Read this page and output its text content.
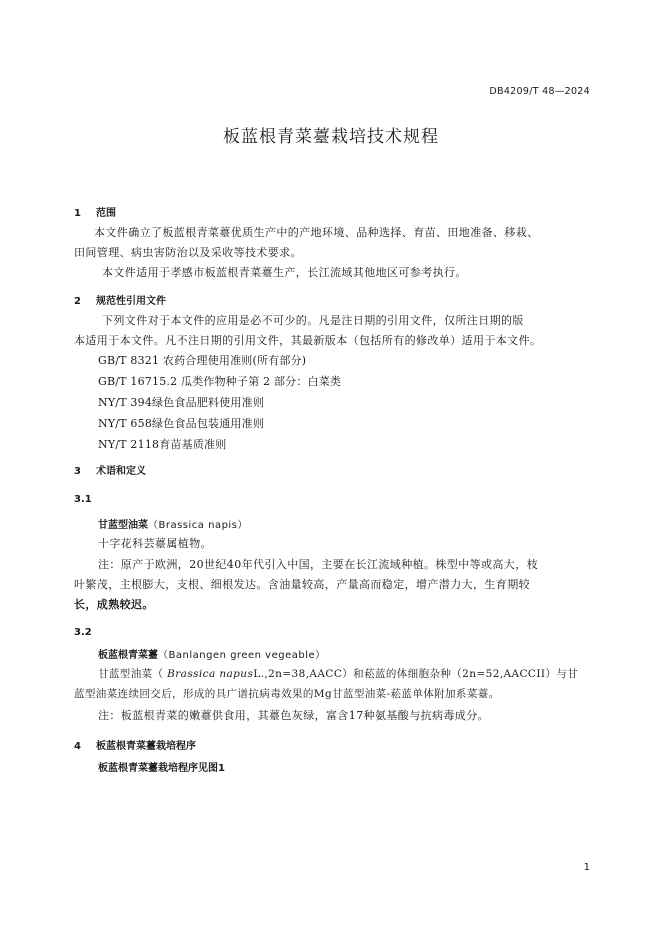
DB4209/T 48—2024
板蓝根青菜薹栽培技术规程
1 范围
本文件确立了板蓝根青菜薹优质生产中的产地环境、品种选择、育苗、田地准备、移栽、
田间管理、病虫害防治以及采收等技术要求。
本文件适用于孝感市板蓝根青菜薹生产，长江流域其他地区可参考执行。
2 规范性引用文件
下列文件对于本文件的应用是必不可少的。凡是注日期的引用文件，仅所注日期的版
本适用于本文件。凡不注日期的引用文件，其最新版本（包括所有的修改单）适用于本文件。
GB/T 8321 农药合理使用准则(所有部分)
GB/T 16715.2 瓜类作物种子第 2 部分：白菜类
NY/T 394绿色食品肥料使用准则
NY/T 658绿色食品包装通用准则
NY/T 2118育苗基质准则
3 术语和定义
3.1
甘蓝型油菜（Brassica napis）
十字花科芸薹属植物。
注：原产于欧洲，20世纪40年代引入中国，主要在长江流域种植。株型中等或高大，枝
叶繁茂，主根膨大，支根、细根发达。含油量较高，产量高而稳定，增产潜力大，生育期较
长，成熟较迟。
3.2
板蓝根青菜薹（Banlangen green vegeable）
甘蓝型油菜（ Brassica napusL.,2n=38,AACC）和菘蓝的体细胞杂种（2n=52,AACCII）与甘
蓝型油菜连续回交后，形成的具广谱抗病毒效果的Mg甘蓝型油菜-菘蓝单体附加系菜薹。
注：板蓝根青菜的嫩薹供食用，其薹色灰绿，富含17种氨基酸与抗病毒成分。
4 板蓝根青菜薹栽培程序
板蓝根青菜薹栽培程序见图1
1
